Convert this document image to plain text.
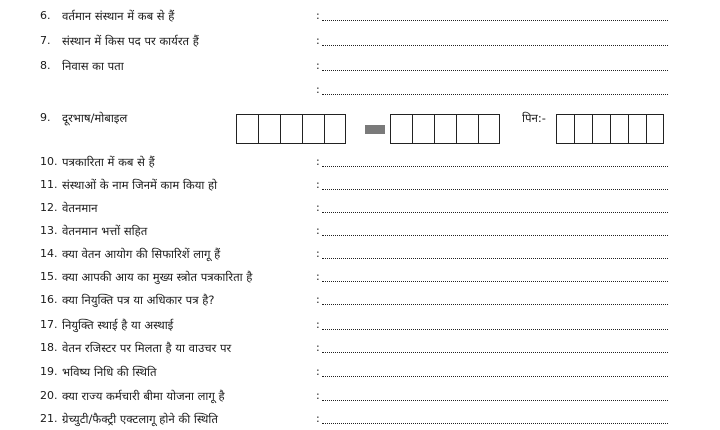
6. वर्तमान संस्थान में कब से हैं	:
7. संस्थान में किस पद पर कार्यरत हैं	:
8. निवास का पता	:
:
9. दूरभाष/मोबाइल	पिन:-
10. पत्रकारिता में कब से हैं	:
11. संस्थाओं के नाम जिनमें काम किया हो	:
12. वेतनमान	:
13. वेतनमान भत्तों सहित	:
14. क्या वेतन आयोग की सिफारिशें लागू हैं	:
15. क्या आपकी आय का मुख्य स्त्रोत पत्रकारिता है	:
16. क्या नियुक्ति पत्र या अधिकार पत्र है?	:
17. नियुक्ति स्थाई है या अस्थाई	:
18. वेतन रजिस्टर पर मिलता है या वाउचर पर	:
19. भविष्य निधि की स्थिति	:
20. क्या राज्य कर्मचारी बीमा योजना लागू है	:
21. ग्रेच्युटी/फैक्ट्री एक्टलागू होने की स्थिति	:
